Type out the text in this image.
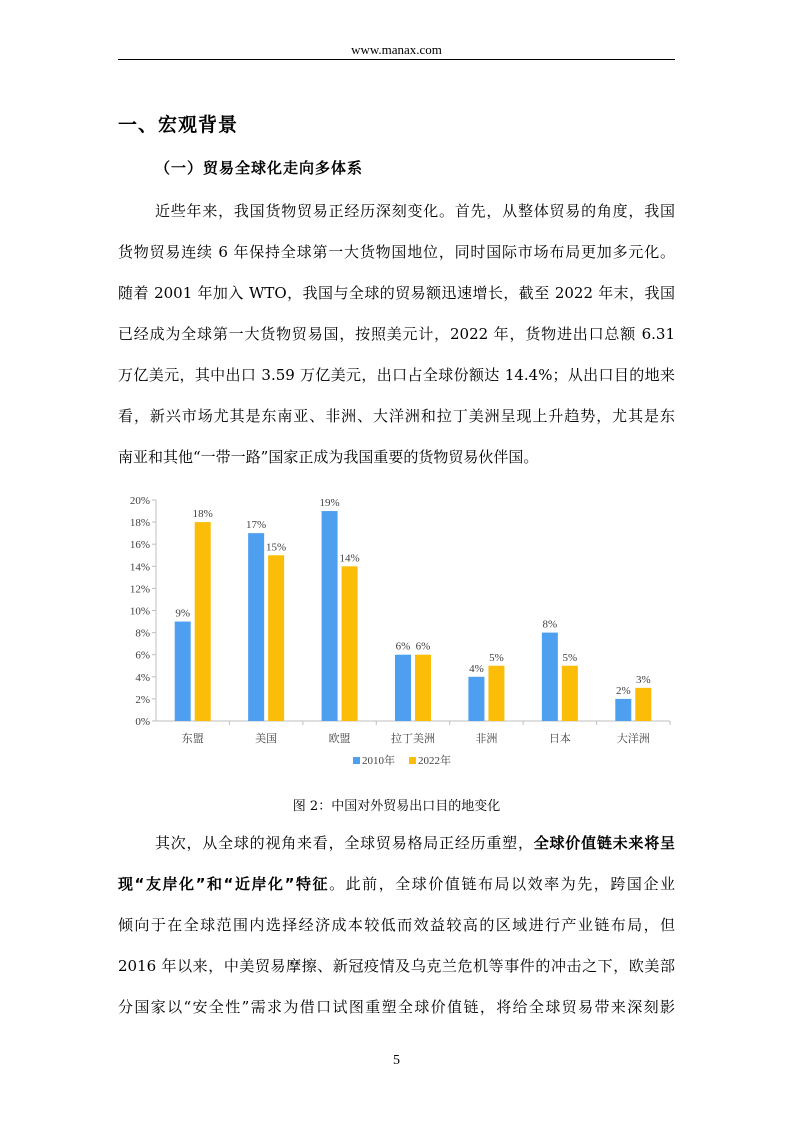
www.manax.com
一、宏观背景
（一）贸易全球化走向多体系
近些年来，我国货物贸易正经历深刻变化。首先，从整体贸易的角度，我国
货物贸易连续 6 年保持全球第一大货物国地位，同时国际市场布局更加多元化。
随着 2001 年加入 WTO，我国与全球的贸易额迅速增长，截至 2022 年末，我国
已经成为全球第一大货物贸易国，按照美元计，2022 年，货物进出口总额 6.31
万亿美元，其中出口 3.59 万亿美元，出口占全球份额达 14.4%；从出口目的地来
看，新兴市场尤其是东南亚、非洲、大洋洲和拉丁美洲呈现上升趋势，尤其是东
南亚和其他“一带一路”国家正成为我国重要的货物贸易伙伴国。
0%
2%
4%
6%
8%
10%
12%
14%
16%
18%
20%
9%
18%
东盟
17%
15%
美国
19%
14%
欧盟
6% 6%
拉丁美洲
4%
5%
非洲
8%
5%
日本
2%
3%
大洋洲
2010年 2022年
图 2：中国对外贸易出口目的地变化
其次，从全球的视角来看，全球贸易格局正经历重塑，全球价值链未来将呈
现“友岸化”和“近岸化”特征。此前，全球价值链布局以效率为先，跨国企业
倾向于在全球范围内选择经济成本较低而效益较高的区域进行产业链布局，但
2016 年以来，中美贸易摩擦、新冠疫情及乌克兰危机等事件的冲击之下，欧美部
分国家以“安全性”需求为借口试图重塑全球价值链，将给全球贸易带来深刻影
5
